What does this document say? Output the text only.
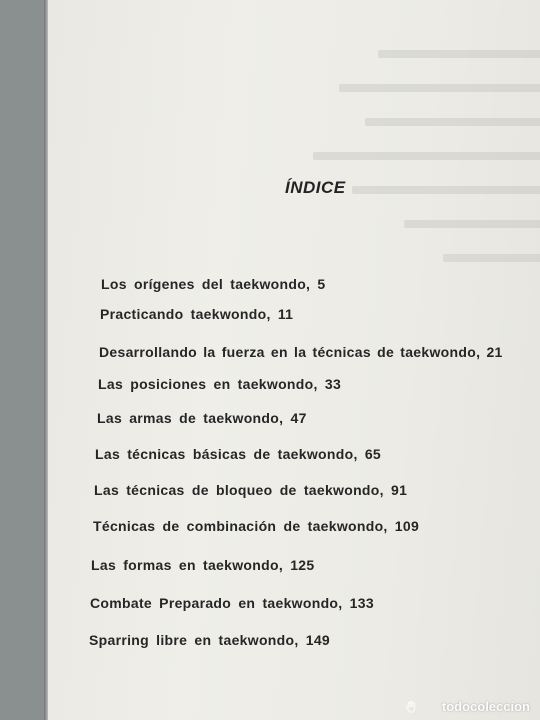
ÍNDICE
Los orígenes del taekwondo, 5
Practicando taekwondo, 11
Desarrollando la fuerza en la técnicas de taekwondo, 21
Las posiciones en taekwondo, 33
Las armas de taekwondo, 47
Las técnicas básicas de taekwondo, 65
Las técnicas de bloqueo de taekwondo, 91
Técnicas de combinación de taekwondo, 109
Las formas en taekwondo, 125
Combate Preparado en taekwondo, 133
Sparring libre en taekwondo, 149
todocoleccion
